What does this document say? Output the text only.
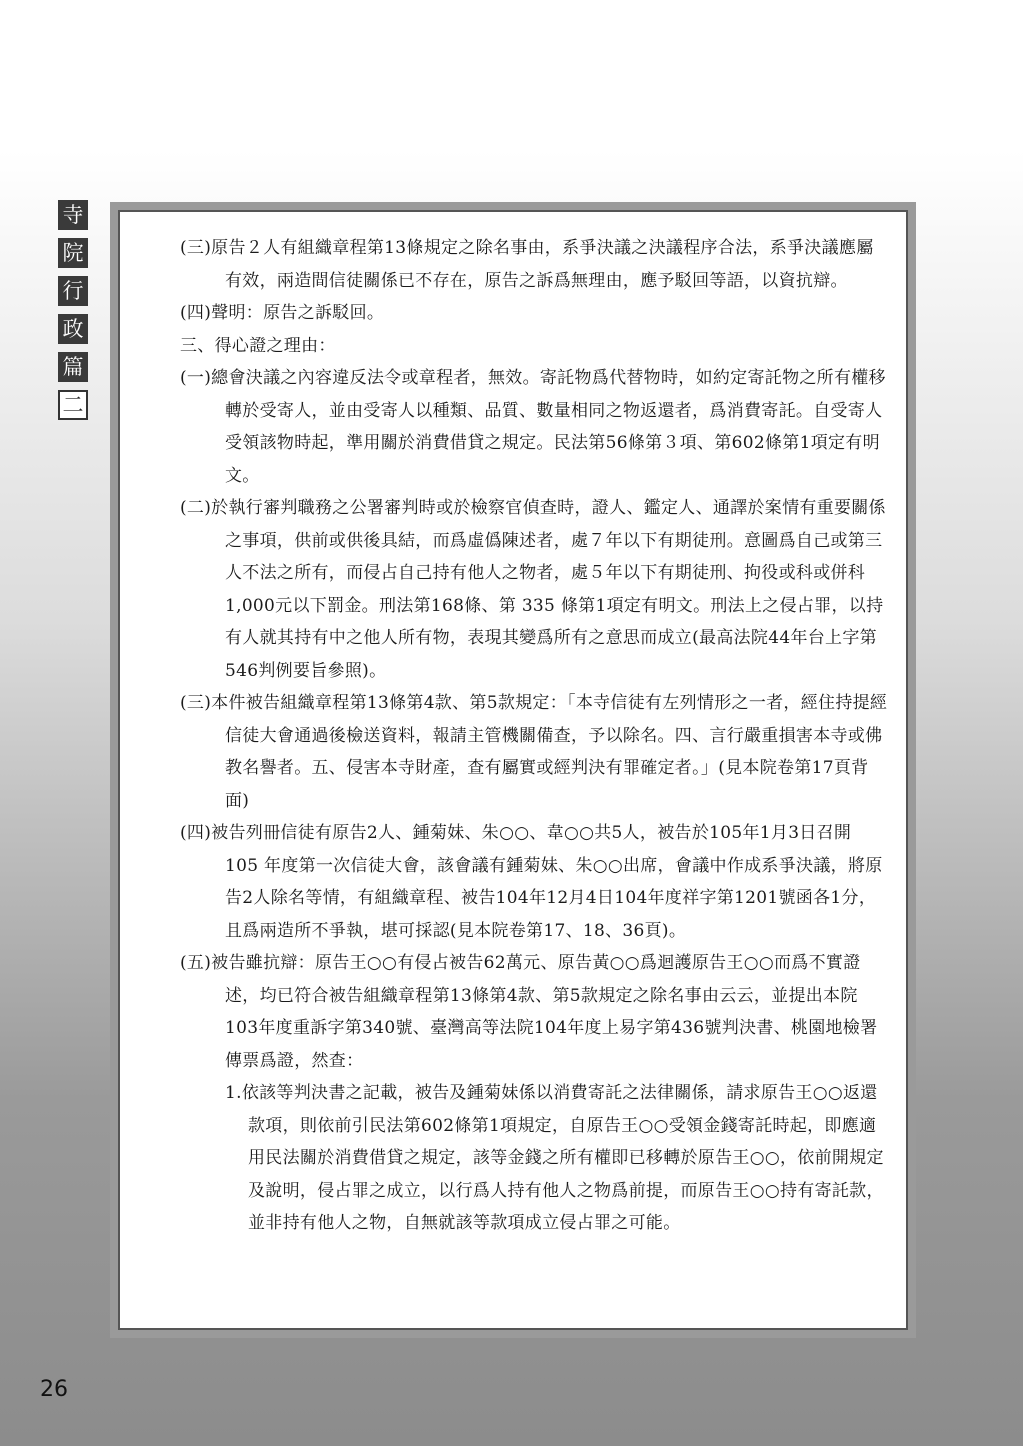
寺
院
行
政
篇
二

(三)原告２人有組織章程第13條規定之除名事由，系爭決議之決議程序合法，系爭決議應屬有效，兩造間信徒關係已不存在，原告之訴爲無理由，應予駁回等語，以資抗辯。

(四)聲明：原告之訴駁回。

三、得心證之理由：

(一)總會決議之內容違反法令或章程者，無效。寄託物爲代替物時，如約定寄託物之所有權移轉於受寄人，並由受寄人以種類、品質、數量相同之物返還者，爲消費寄託。自受寄人受領該物時起，準用關於消費借貸之規定。民法第56條第３項、第602條第1項定有明文。

(二)於執行審判職務之公署審判時或於檢察官偵查時，證人、鑑定人、通譯於案情有重要關係之事項，供前或供後具結，而爲虛僞陳述者，處７年以下有期徒刑。意圖爲自己或第三人不法之所有，而侵占自己持有他人之物者，處５年以下有期徒刑、拘役或科或併科1,000元以下罰金。刑法第168條、第 335 條第1項定有明文。刑法上之侵占罪，以持有人就其持有中之他人所有物，表現其變爲所有之意思而成立(最高法院44年台上字第546判例要旨參照)。

(三)本件被告組織章程第13條第4款、第5款規定：「本寺信徒有左列情形之一者，經住持提經信徒大會通過後檢送資料，報請主管機關備查，予以除名。四、言行嚴重損害本寺或佛教名譽者。五、侵害本寺財產，查有屬實或經判決有罪確定者。」(見本院卷第17頁背面)

(四)被告列冊信徒有原告2人、鍾菊妹、朱○○、韋○○共5人，被告於105年1月3日召開 105 年度第一次信徒大會，該會議有鍾菊妹、朱○○出席，會議中作成系爭決議，將原告2人除名等情，有組織章程、被告104年12月4日104年度祥字第1201號函各1分，且爲兩造所不爭執，堪可採認(見本院卷第17、18、36頁)。

(五)被告雖抗辯：原告王○○有侵占被告62萬元、原告黃○○爲迴護原告王○○而爲不實證述，均已符合被告組織章程第13條第4款、第5款規定之除名事由云云，並提出本院103年度重訴字第340號、臺灣高等法院104年度上易字第436號判決書、桃園地檢署傳票爲證，然查：

1.依該等判決書之記載，被告及鍾菊妹係以消費寄託之法律關係，請求原告王○○返還款項，則依前引民法第602條第1項規定，自原告王○○受領金錢寄託時起，即應適用民法關於消費借貸之規定，該等金錢之所有權即已移轉於原告王○○，依前開規定及說明，侵占罪之成立，以行爲人持有他人之物爲前提，而原告王○○持有寄託款，並非持有他人之物，自無就該等款項成立侵占罪之可能。

26
